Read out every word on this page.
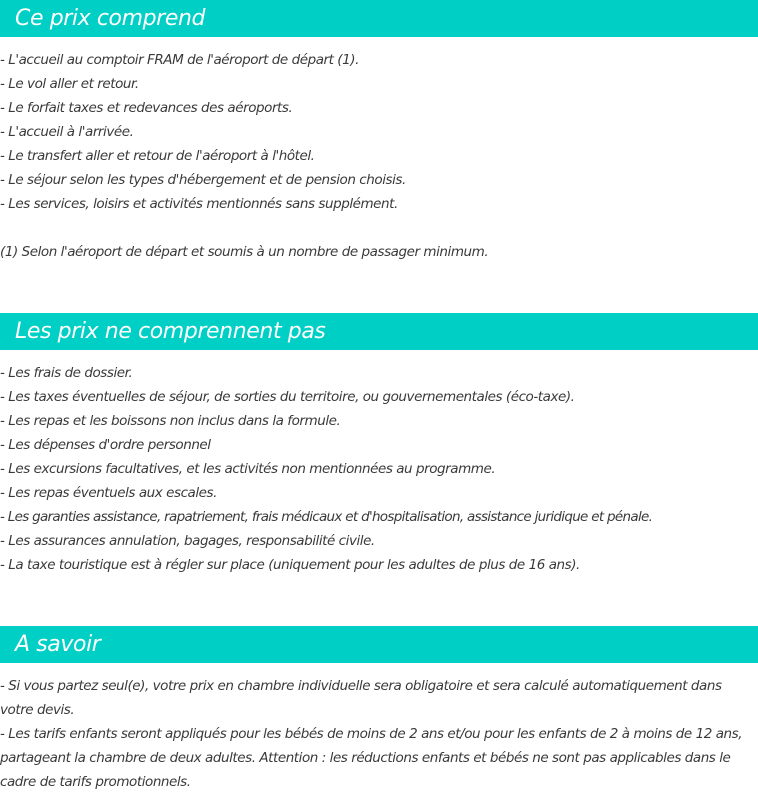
Ce prix comprend
- L'accueil au comptoir FRAM de l'aéroport de départ (1).
- Le vol aller et retour.
- Le forfait taxes et redevances des aéroports.
- L'accueil à l'arrivée.
- Le transfert aller et retour de l'aéroport à l'hôtel.
- Le séjour selon les types d'hébergement et de pension choisis.
- Les services, loisirs et activités mentionnés sans supplément.
(1) Selon l'aéroport de départ et soumis à un nombre de passager minimum.
Les prix ne comprennent pas
- Les frais de dossier.
- Les taxes éventuelles de séjour, de sorties du territoire, ou gouvernementales (éco-taxe).
- Les repas et les boissons non inclus dans la formule.
- Les dépenses d'ordre personnel
- Les excursions facultatives, et les activités non mentionnées au programme.
- Les repas éventuels aux escales.
- Les garanties assistance, rapatriement, frais médicaux et d'hospitalisation, assistance juridique et pénale.
- Les assurances annulation, bagages, responsabilité civile.
- La taxe touristique est à régler sur place (uniquement pour les adultes de plus de 16 ans).
A savoir
- Si vous partez seul(e), votre prix en chambre individuelle sera obligatoire et sera calculé automatiquement dans votre devis.
- Les tarifs enfants seront appliqués pour les bébés de moins de 2 ans et/ou pour les enfants de 2 à moins de 12 ans, partageant la chambre de deux adultes. Attention : les réductions enfants et bébés ne sont pas applicables dans le cadre de tarifs promotionnels.
